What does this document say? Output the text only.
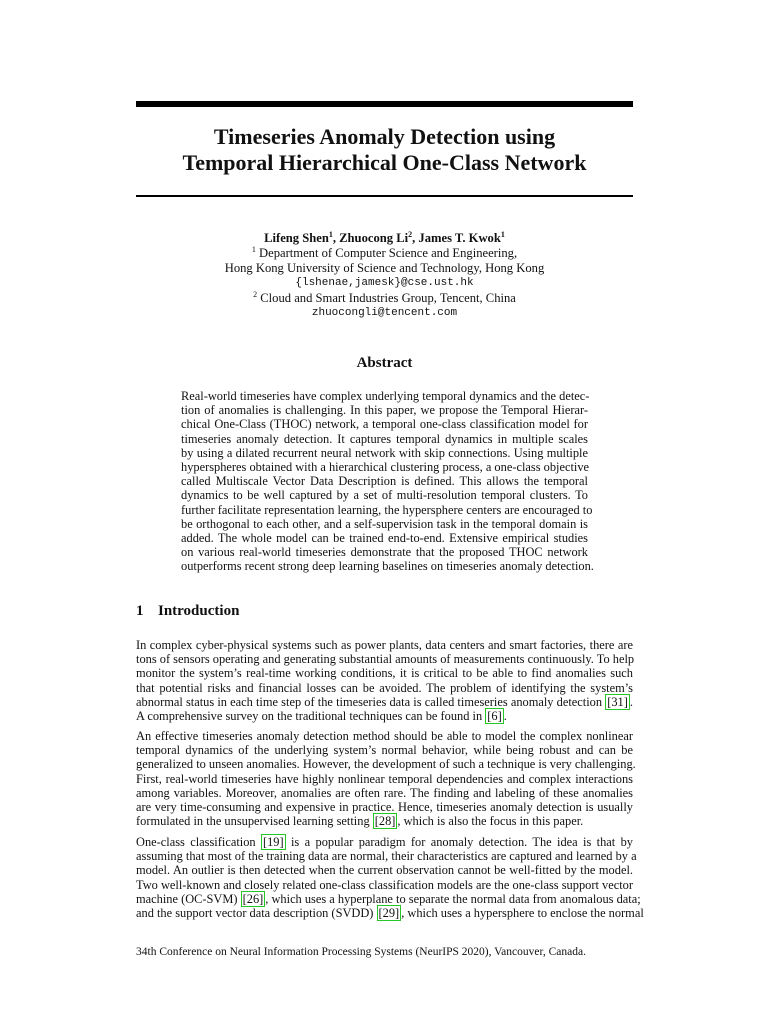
Timeseries Anomaly Detection using
Temporal Hierarchical One-Class Network
Lifeng Shen$^1$, Zhuocong Li$^2$, James T. Kwok$^1$
$^1$ Department of Computer Science and Engineering,
Hong Kong University of Science and Technology, Hong Kong
{lshenae,jamesk}@cse.ust.hk
$^2$ Cloud and Smart Industries Group, Tencent, China
zhuocongli@tencent.com
Abstract
Real-world timeseries have complex underlying temporal dynamics and the detec-
tion of anomalies is challenging. In this paper, we propose the Temporal Hierar-
chical One-Class (THOC) network, a temporal one-class classification model for
timeseries anomaly detection. It captures temporal dynamics in multiple scales
by using a dilated recurrent neural network with skip connections. Using multiple
hyperspheres obtained with a hierarchical clustering process, a one-class objective
called Multiscale Vector Data Description is defined. This allows the temporal
dynamics to be well captured by a set of multi-resolution temporal clusters. To
further facilitate representation learning, the hypersphere centers are encouraged to
be orthogonal to each other, and a self-supervision task in the temporal domain is
added. The whole model can be trained end-to-end. Extensive empirical studies
on various real-world timeseries demonstrate that the proposed THOC network
outperforms recent strong deep learning baselines on timeseries anomaly detection.
1 Introduction
In complex cyber-physical systems such as power plants, data centers and smart factories, there are
tons of sensors operating and generating substantial amounts of measurements continuously. To help
monitor the system’s real-time working conditions, it is critical to be able to find anomalies such
that potential risks and financial losses can be avoided. The problem of identifying the system’s
abnormal status in each time step of the timeseries data is called timeseries anomaly detection [31] .
A comprehensive survey on the traditional techniques can be found in [6] .
An effective timeseries anomaly detection method should be able to model the complex nonlinear
temporal dynamics of the underlying system’s normal behavior, while being robust and can be
generalized to unseen anomalies. However, the development of such a technique is very challenging.
First, real-world timeseries have highly nonlinear temporal dependencies and complex interactions
among variables. Moreover, anomalies are often rare. The finding and labeling of these anomalies
are very time-consuming and expensive in practice. Hence, timeseries anomaly detection is usually
formulated in the unsupervised learning setting [28] , which is also the focus in this paper.
One-class classification [19] is a popular paradigm for anomaly detection. The idea is that by
assuming that most of the training data are normal, their characteristics are captured and learned by a
model. An outlier is then detected when the current observation cannot be well-fitted by the model.
Two well-known and closely related one-class classification models are the one-class support vector
machine (OC-SVM) [26] , which uses a hyperplane to separate the normal data from anomalous data;
and the support vector data description (SVDD) [29] , which uses a hypersphere to enclose the normal
34th Conference on Neural Information Processing Systems (NeurIPS 2020), Vancouver, Canada.
